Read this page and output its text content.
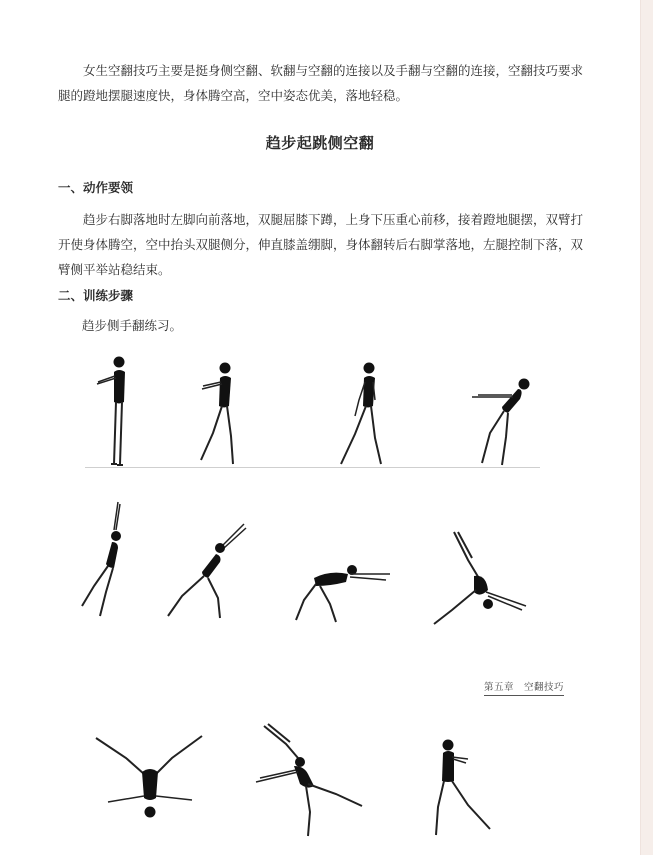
女生空翻技巧主要是挺身侧空翻、软翻与空翻的连接以及手翻与空翻的连接，空翻技巧要求腿的蹬地摆腿速度快，身体腾空高，空中姿态优美，落地轻稳。

趋步起跳侧空翻
一、动作要领

趋步右脚落地时左脚向前落地，双腿屈膝下蹲，上身下压重心前移，接着蹬地腿摆，双臂打开使身体腾空，空中抬头双腿侧分，伸直膝盖绷脚，身体翻转后右脚掌落地，左腿控制下落，双臂侧平举站稳结束。

二、训练步骤

趋步侧手翻练习。

第五章　空翻技巧
